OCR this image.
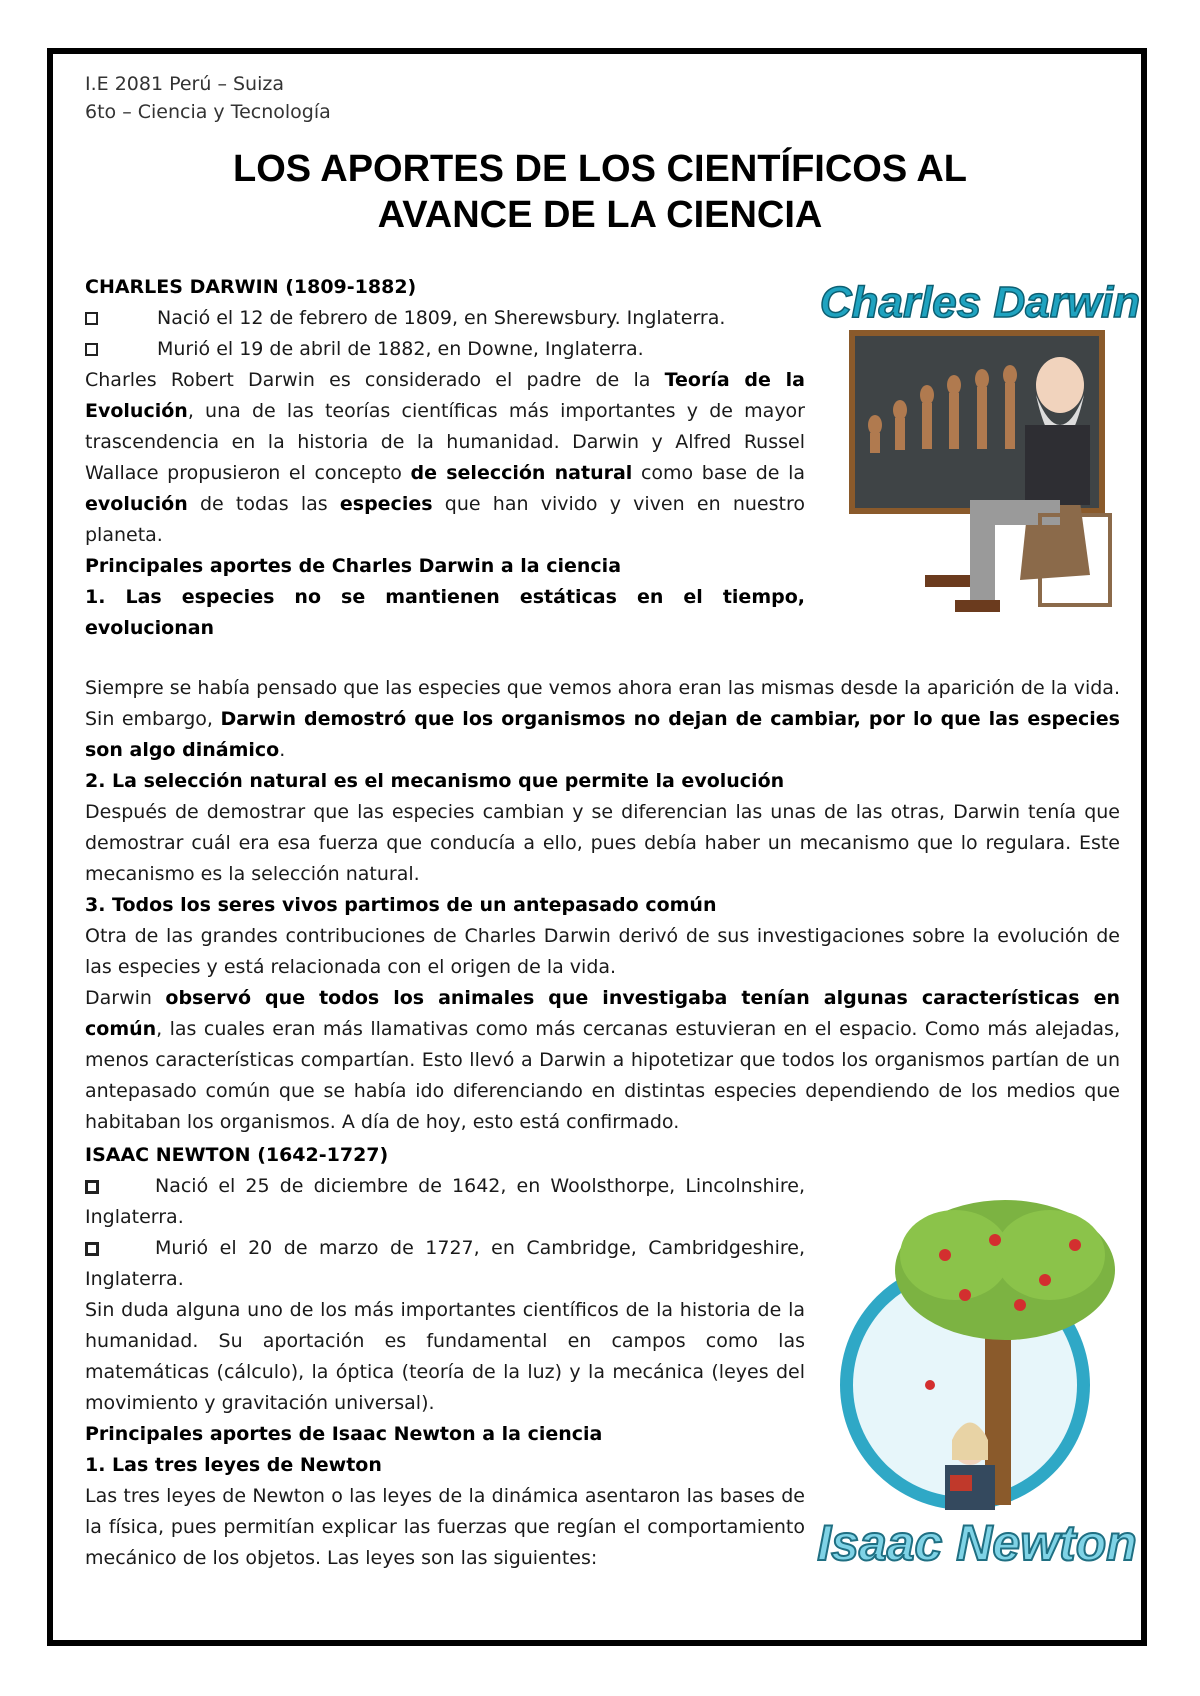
I.E 2081 Perú – Suiza
6to – Ciencia y Tecnología
LOS APORTES DE LOS CIENTÍFICOS AL
AVANCE DE LA CIENCIA

CHARLES DARWIN (1809-1882)

Nació el 12 de febrero de 1809, en Sherewsbury. Inglaterra.
Murió el 19 de abril de 1882, en Downe, Inglaterra.

Charles Robert Darwin es considerado el padre de la Teoría de la Evolución, una de las teorías científicas más importantes y de mayor trascendencia en la historia de la humanidad. Darwin y Alfred Russel Wallace propusieron el concepto de selección natural como base de la evolución de todas las especies que han vivido y viven en nuestro planeta.

Principales aportes de Charles Darwin a la ciencia

1. Las especies no se mantienen estáticas en el tiempo, evolucionan

Charles Darwin

Siempre se había pensado que las especies que vemos ahora eran las mismas desde la aparición de la vida. Sin embargo, Darwin demostró que los organismos no dejan de cambiar, por lo que las especies son algo dinámico.

2. La selección natural es el mecanismo que permite la evolución

Después de demostrar que las especies cambian y se diferencian las unas de las otras, Darwin tenía que demostrar cuál era esa fuerza que conducía a ello, pues debía haber un mecanismo que lo regulara. Este mecanismo es la selección natural.

3. Todos los seres vivos partimos de un antepasado común

Otra de las grandes contribuciones de Charles Darwin derivó de sus investigaciones sobre la evolución de las especies y está relacionada con el origen de la vida.

Darwin observó que todos los animales que investigaba tenían algunas características en común, las cuales eran más llamativas como más cercanas estuvieran en el espacio. Como más alejadas, menos características compartían. Esto llevó a Darwin a hipotetizar que todos los organismos partían de un antepasado común que se había ido diferenciando en distintas especies dependiendo de los medios que habitaban los organismos. A día de hoy, esto está confirmado.

ISAAC NEWTON (1642-1727)

Nació el 25 de diciembre de 1642, en Woolsthorpe, Lincolnshire, Inglaterra.
Murió el 20 de marzo de 1727, en Cambridge, Cambridgeshire, Inglaterra.

Sin duda alguna uno de los más importantes científicos de la historia de la humanidad. Su aportación es fundamental en campos como las matemáticas (cálculo), la óptica (teoría de la luz) y la mecánica (leyes del movimiento y gravitación universal).

Principales aportes de Isaac Newton a la ciencia

1. Las tres leyes de Newton

Las tres leyes de Newton o las leyes de la dinámica asentaron las bases de la física, pues permitían explicar las fuerzas que regían el comportamiento mecánico de los objetos. Las leyes son las siguientes:	Isaac Newton
